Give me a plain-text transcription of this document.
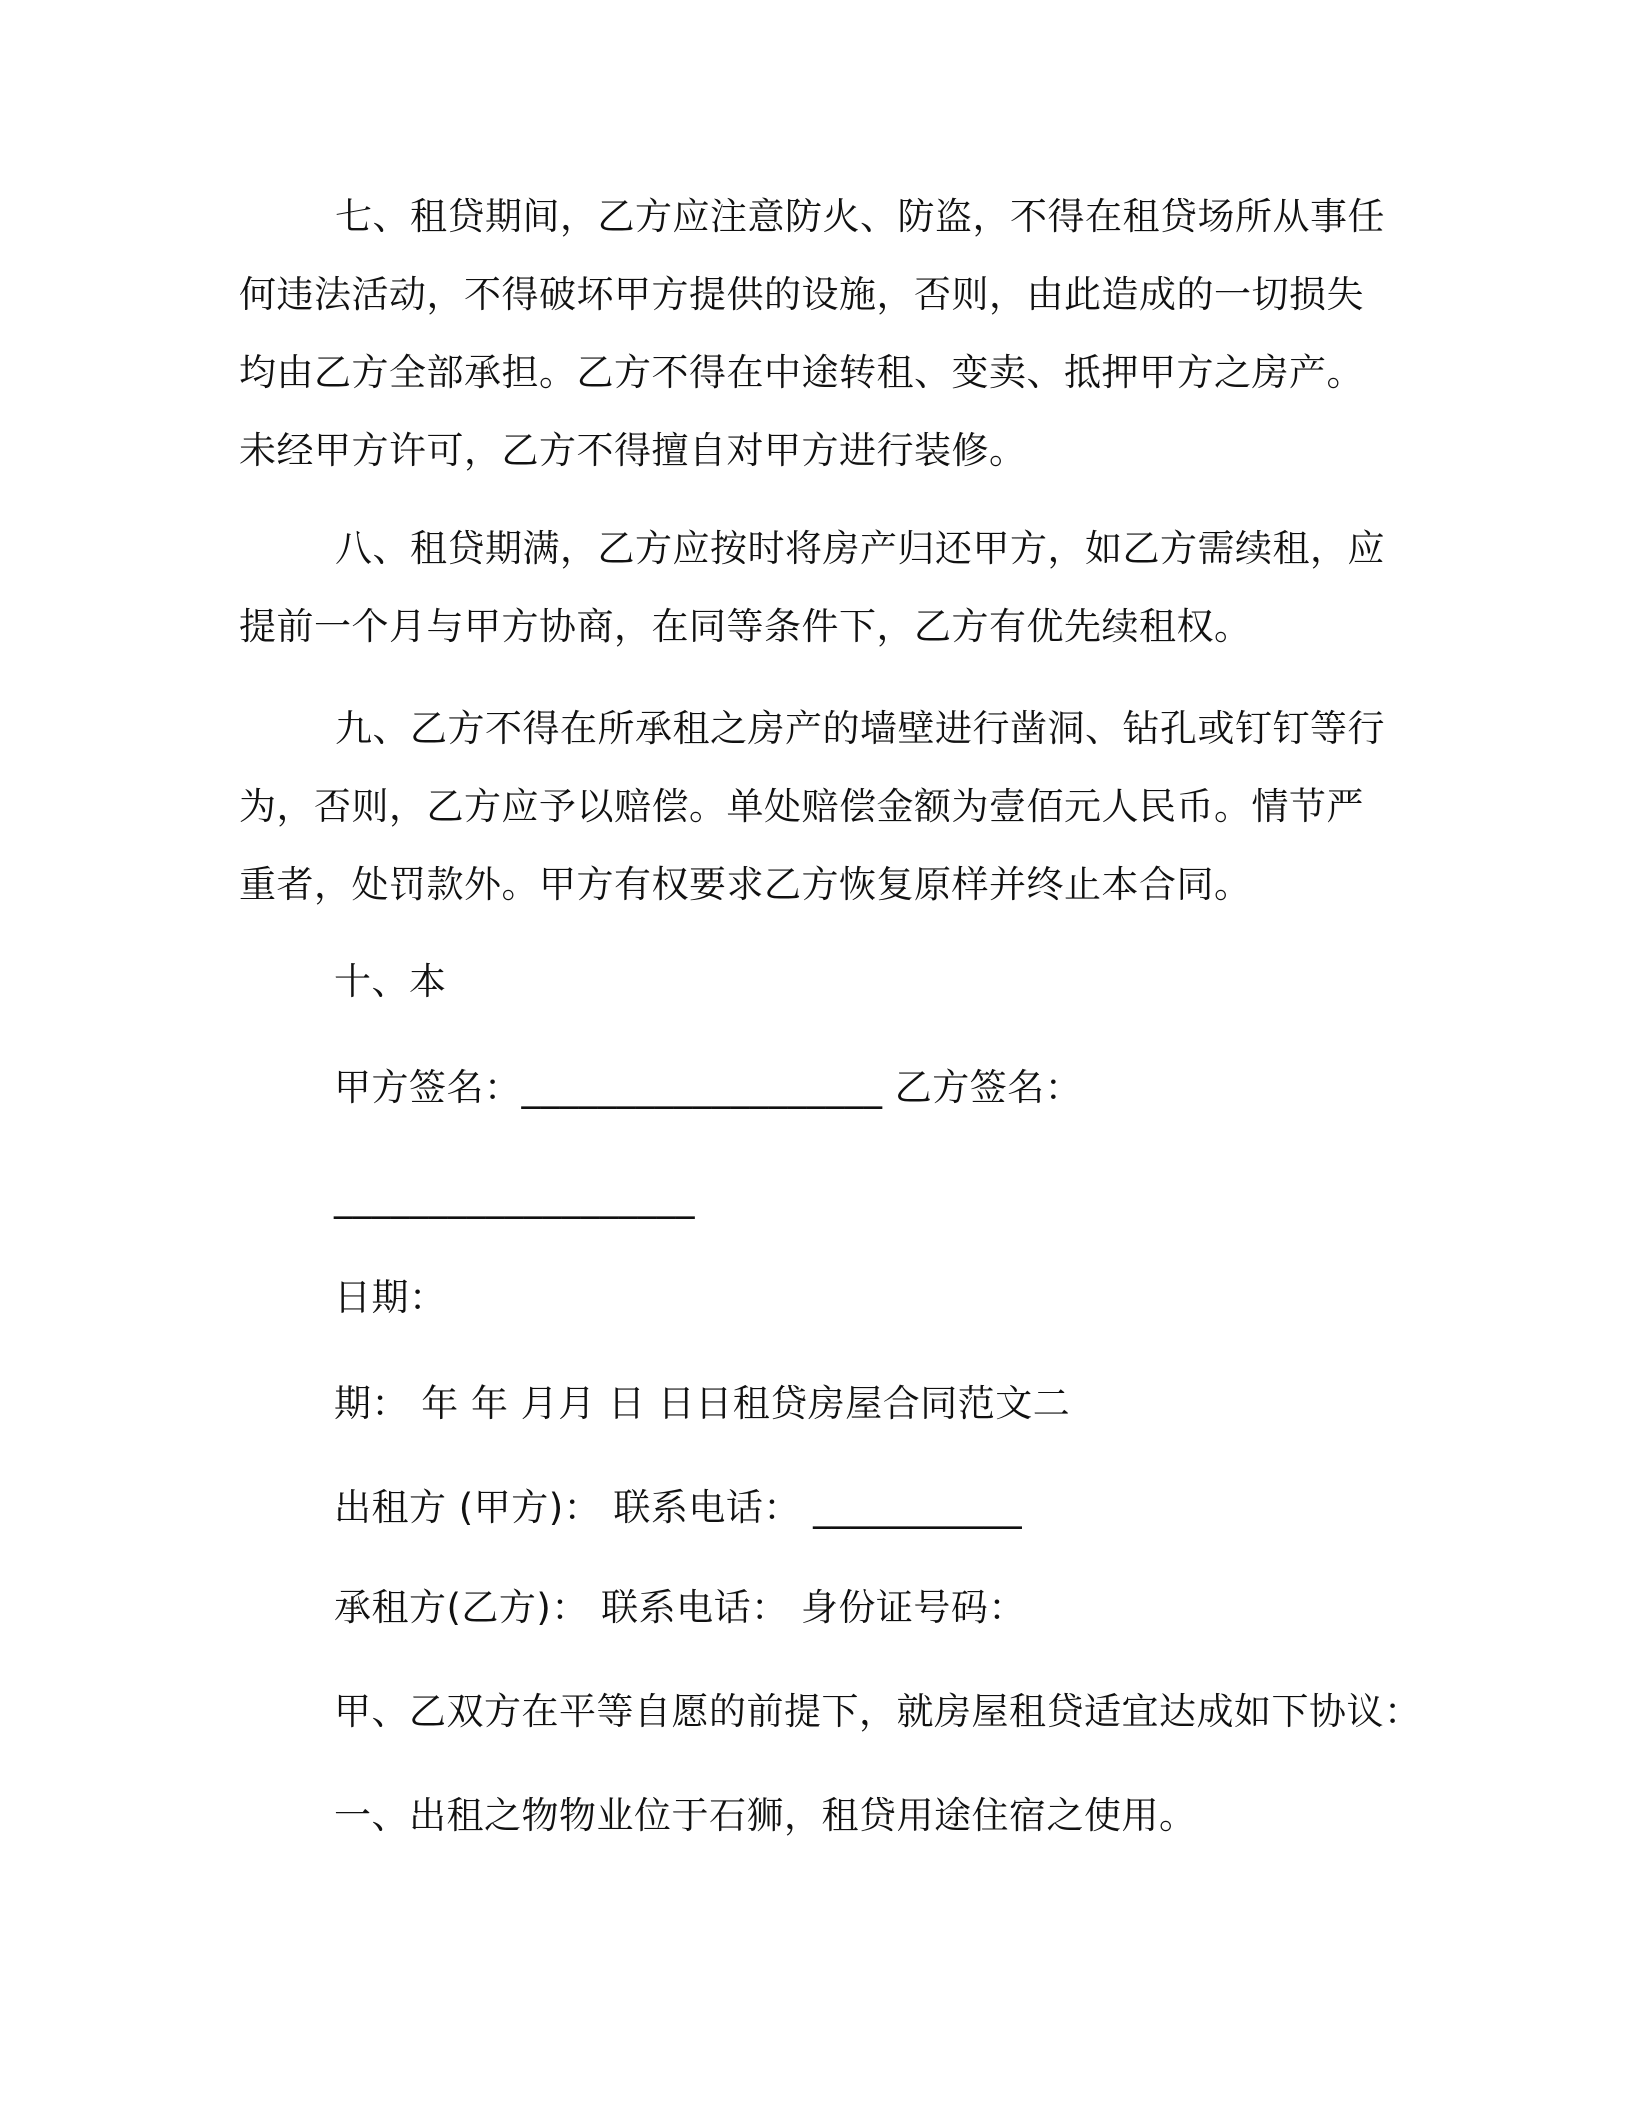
七、租贷期间，乙方应注意防火、防盗，不得在租贷场所从事任何违法活动，不得破坏甲方提供的设施，否则，由此造成的一切损失均由乙方全部承担。乙方不得在中途转租、变卖、抵押甲方之房产。未经甲方许可，乙方不得擅自对甲方进行装修。

八、租贷期满，乙方应按时将房产归还甲方，如乙方需续租，应提前一个月与甲方协商，在同等条件下，乙方有优先续租权。

九、乙方不得在所承租之房产的墙壁进行凿洞、钻孔或钉钉等行为，否则，乙方应予以赔偿。单处赔偿金额为壹佰元人民币。情节严重者，处罚款外。甲方有权要求乙方恢复原样并终止本合同。

十、本

甲方签名：___________________ 乙方签名：

___________________

日期：

期： 年 年 月月 日 日日租贷房屋合同范文二

出租方 (甲方)： 联系电话： ___________

承租方(乙方)： 联系电话： 身份证号码：

甲、乙双方在平等自愿的前提下，就房屋租贷适宜达成如下协议：

一、出租之物物业位于石狮，租贷用途住宿之使用。
